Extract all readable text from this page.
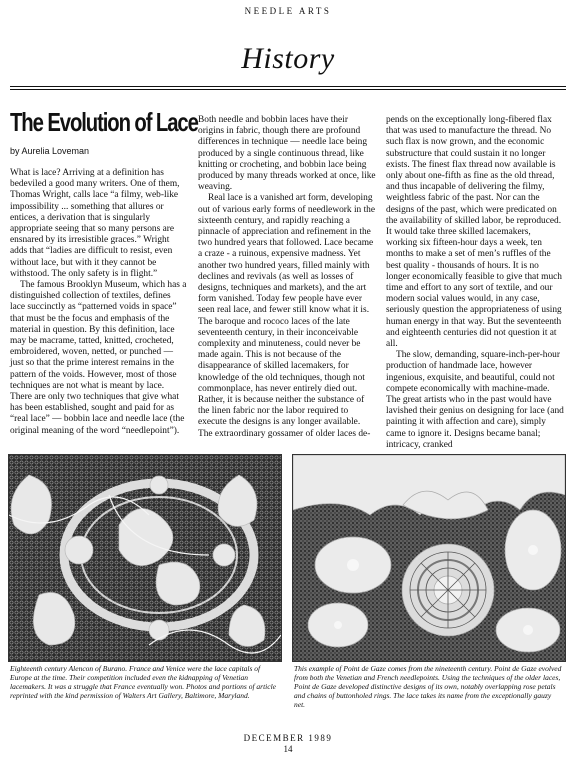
NEEDLE ARTS
History
The Evolution of Lace
by Aurelia Loveman

What is lace? Arriving at a definition has bedeviled a good many writers. One of them, Thomas Wright, calls lace “a filmy, web-like impossibility ... something that allures or entices, a derivation that is singularly appropriate seeing that so many persons are ensnared by its irresistible graces.” Wright adds that “ladies are difficult to resist, even without lace, but with it they cannot be withstood. The only safety is in flight.”

The famous Brooklyn Museum, which has a distinguished collection of textiles, defines lace succinctly as “patterned voids in space” that must be the focus and emphasis of the material in question. By this definition, lace may be macrame, tatted, knitted, crocheted, embroidered, woven, netted, or punched — just so that the prime interest remains in the pattern of the voids. However, most of those techniques are not what is meant by lace. There are only two techniques that give what has been established, sought and paid for as “real lace” — bobbin lace and needle lace (the original meaning of the word “needlepoint”).

Both needle and bobbin laces have their origins in fabric, though there are profound differences in technique — needle lace being produced by a single continuous thread, like knitting or crocheting, and bobbin lace being produced by many threads worked at once, like weaving.

Real lace is a vanished art form, developing out of various early forms of needlework in the sixteenth century, and rapidly reaching a pinnacle of appreciation and refinement in the two hundred years that followed. Lace became a craze - a ruinous, expensive madness. Yet another two hundred years, filled mainly with declines and revivals (as well as losses of designs, techniques and markets), and the art form vanished. Today few people have ever seen real lace, and fewer still know what it is. The baroque and rococo laces of the late seventeenth century, in their inconceivable complexity and minuteness, could never be made again. This is not because of the disappearance of skilled lacemakers, for knowledge of the old techniques, though not commonplace, has never entirely died out. Rather, it is because neither the substance of the linen fabric nor the labor required to execute the designs is any longer available. The extraordinary gossamer of older laces de-

pends on the exceptionally long-fibered flax that was used to manufacture the thread. No such flax is now grown, and the economic substructure that could sustain it no longer exists. The finest flax thread now available is only about one-fifth as fine as the old thread, and thus incapable of delivering the filmy, weightless fabric of the past. Nor can the designs of the past, which were predicated on the availability of skilled labor, be reproduced. It would take three skilled lacemakers, working six fifteen-hour days a week, ten months to make a set of men’s ruffles of the best quality - thousands of hours. It is no longer economically feasible to give that much time and effort to any sort of textile, and our modern social values would, in any case, seriously question the appropriateness of using human energy in that way. But the seventeenth and eighteenth centuries did not question it at all.

The slow, demanding, square-inch-per-hour production of handmade lace, however ingenious, exquisite, and beautiful, could not compete economically with machine-made. The great artists who in the past would have lavished their genius on designing for lace (and painting it with affection and care), simply came to ignore it. Designs became banal; intricacy, cranked

Eighteenth century Alencon of Burano. France and Venice were the lace capitals of Europe at the time. Their competition included even the kidnapping of Venetian lacemakers. It was a struggle that France eventually won. Photos and portions of article reprinted with the kind permission of Walters Art Gallery, Baltimore, Maryland.
This example of Point de Gaze comes from the nineteenth century. Point de Gaze evolved from both the Venetian and French needlepoints. Using the techniques of the older laces, Point de Gaze developed distinctive designs of its own, notably overlapping rose petals and chains of buttonholed rings. The lace takes its name from the exceptionally gauzy net.
DECEMBER 1989
14
